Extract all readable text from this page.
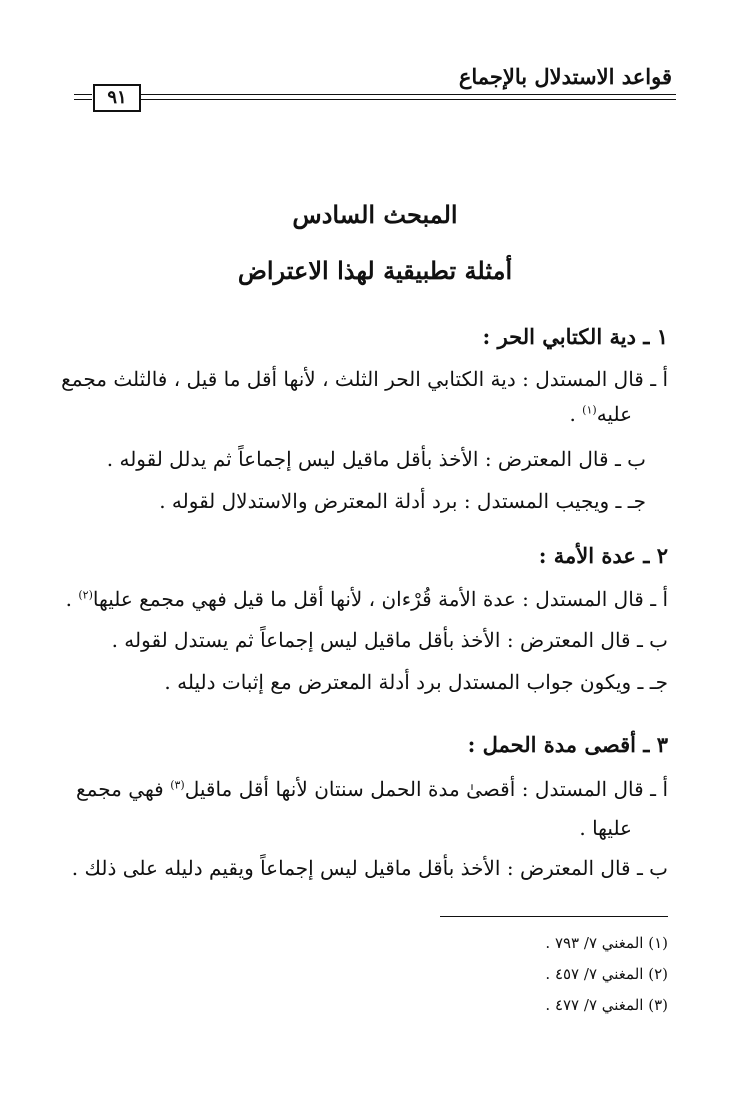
قواعد الاستدلال بالإجماع
٩١
المبحث السادس
أمثلة تطبيقية لهذا الاعتراض
١ ـ دية الكتابي الحر :
أ ـ قال المستدل : دية الكتابي الحر الثلث ، لأنها أقل ما قيل ، فالثلث مجمع
عليه$^{(١)}$ .
ب ـ قال المعترض : الأخذ بأقل ماقيل ليس إجماعاً ثم يدلل لقوله .
جـ ـ ويجيب المستدل : برد أدلة المعترض والاستدلال لقوله .
٢ ـ عدة الأمة :
أ ـ قال المستدل : عدة الأمة قُرْءان ، لأنها أقل ما قيل فهي مجمع عليها$^{(٢)}$ .
ب ـ قال المعترض : الأخذ بأقل ماقيل ليس إجماعاً ثم يستدل لقوله .
جـ ـ ويكون جواب المستدل برد أدلة المعترض مع إثبات دليله .
٣ ـ أقصى مدة الحمل :
أ ـ قال المستدل : أقصىٰ مدة الحمل سنتان لأنها أقل ماقيل$^{(٣)}$ فهي مجمع
عليها .
ب ـ قال المعترض : الأخذ بأقل ماقيل ليس إجماعاً ويقيم دليله على ذلك .
(١) المغني ٧/ ٧٩٣ .
(٢) المغني ٧/ ٤٥٧ .
(٣) المغني ٧/ ٤٧٧ .
